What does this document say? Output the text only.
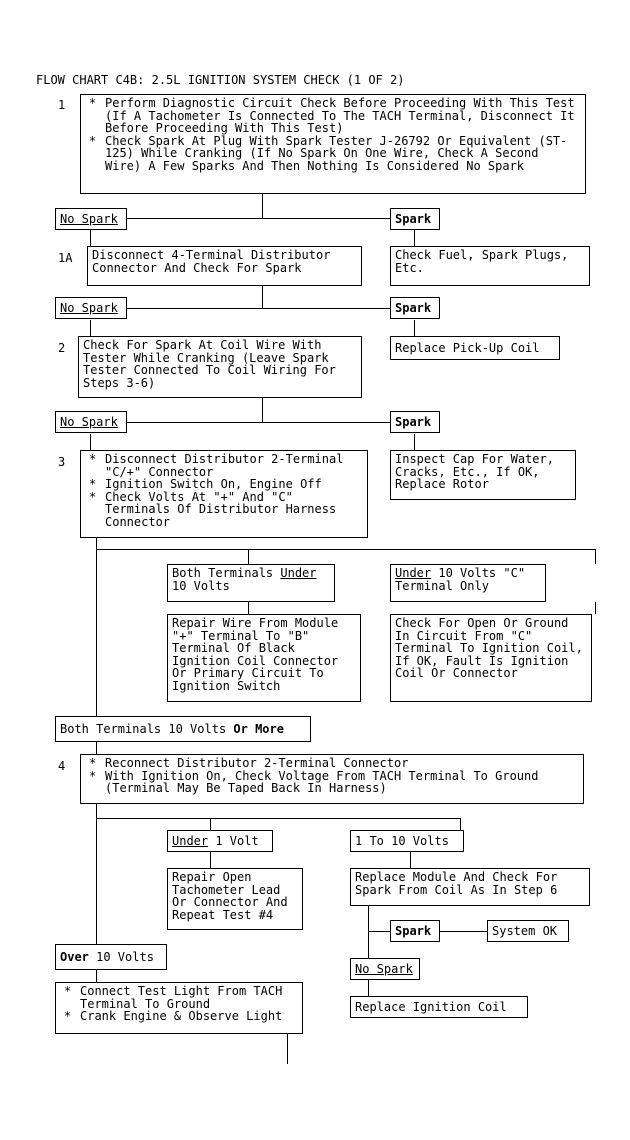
FLOW CHART C4B: 2.5L IGNITION SYSTEM CHECK (1 OF 2)
1	* Perform Diagnostic Circuit Check Before Proceeding With This Test (If A Tachometer Is Connected To The TACH Terminal, Disconnect It Before Proceeding With This Test)
* Check Spark At Plug With Spark Tester J-26792 Or Equivalent (ST-125) While Cranking (If No Spark On One Wire, Check A Second Wire) A Few Sparks And Then Nothing Is Considered No Spark
No Spark	Spark
1A	Disconnect 4-Terminal Distributor Connector And Check For Spark
Check Fuel, Spark Plugs, Etc.
No Spark	Spark
2	Check For Spark At Coil Wire With Tester While Cranking (Leave Spark Tester Connected To Coil Wiring For Steps 3-6)
Replace Pick-Up Coil
No Spark	Spark
3	* Disconnect Distributor 2-Terminal "C/+" Connector
* Ignition Switch On, Engine Off
* Check Volts At "+" And "C" Terminals Of Distributor Harness Connector
Inspect Cap For Water, Cracks, Etc., If OK, Replace Rotor
Both Terminals Under
10 Volts
Under 10 Volts "C"
Terminal Only
Repair Wire From Module "+" Terminal To "B" Terminal Of Black Ignition Coil Connector Or Primary Circuit To Ignition Switch
Check For Open Or Ground In Circuit From "C" Terminal To Ignition Coil, If OK, Fault Is Ignition Coil Or Connector
Both Terminals 10 Volts Or More
4	* Reconnect Distributor 2-Terminal Connector
* With Ignition On, Check Voltage From TACH Terminal To Ground (Terminal May Be Taped Back In Harness)
Under 1 Volt	1 To 10 Volts
Repair Open Tachometer Lead Or Connector And Repeat Test #4
Replace Module And Check For Spark From Coil As In Step 6
Spark	System OK
No Spark
Replace Ignition Coil
Over 10 Volts
* Connect Test Light From TACH Terminal To Ground
* Crank Engine & Observe Light
